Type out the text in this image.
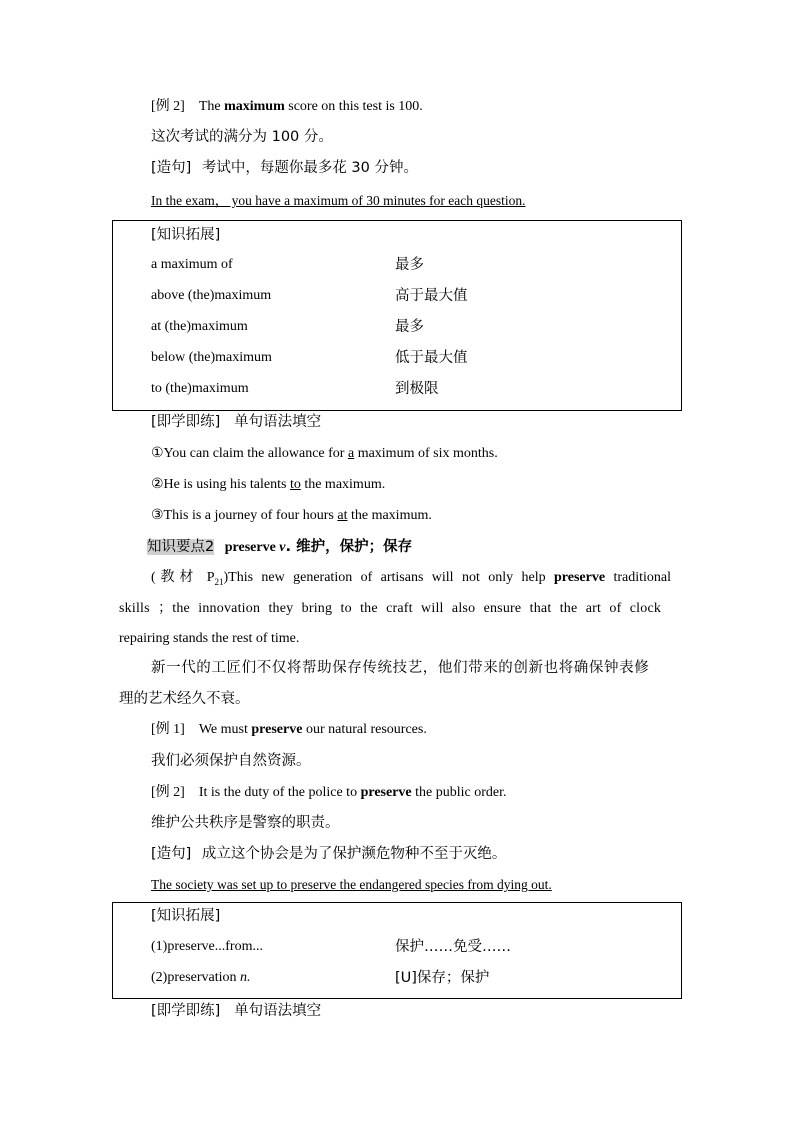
[例 2] The maximum score on this test is 100.
这次考试的满分为 100 分。
[造句] 考试中，每题你最多花 30 分钟。
In the exam， you have a maximum of 30 minutes for each question.
[知识拓展]
a maximum of	最多
above (the)maximum	高于最大值
at (the)maximum	最多
below (the)maximum	低于最大值
to (the)maximum	到极限
[即学即练] 单句语法填空
①You can claim the allowance for a maximum of six months.
②He is using his talents to the maximum.
③This is a journey of four hours at the maximum.
知识要点2 preserve v. 维护，保护；保存
(教材 $P_{21})This$ new generation of artisans will not only help preserve traditional
skills ；the innovation they bring to the craft will also ensure that the art of clock
repairing stands the rest of time.
新一代的工匠们不仅将帮助保存传统技艺，他们带来的创新也将确保钟表修
理的艺术经久不衰。
[例 1] We must preserve our natural resources.
我们必须保护自然资源。
[例 2] It is the duty of the police to preserve the public order.
维护公共秩序是警察的职责。
[造句] 成立这个协会是为了保护濒危物种不至于灭绝。
The society was set up to preserve the endangered species from dying out.
[知识拓展]
(1)preserve...from...	保护……免受……
(2)preservation n.	[U]保存；保护
[即学即练] 单句语法填空
